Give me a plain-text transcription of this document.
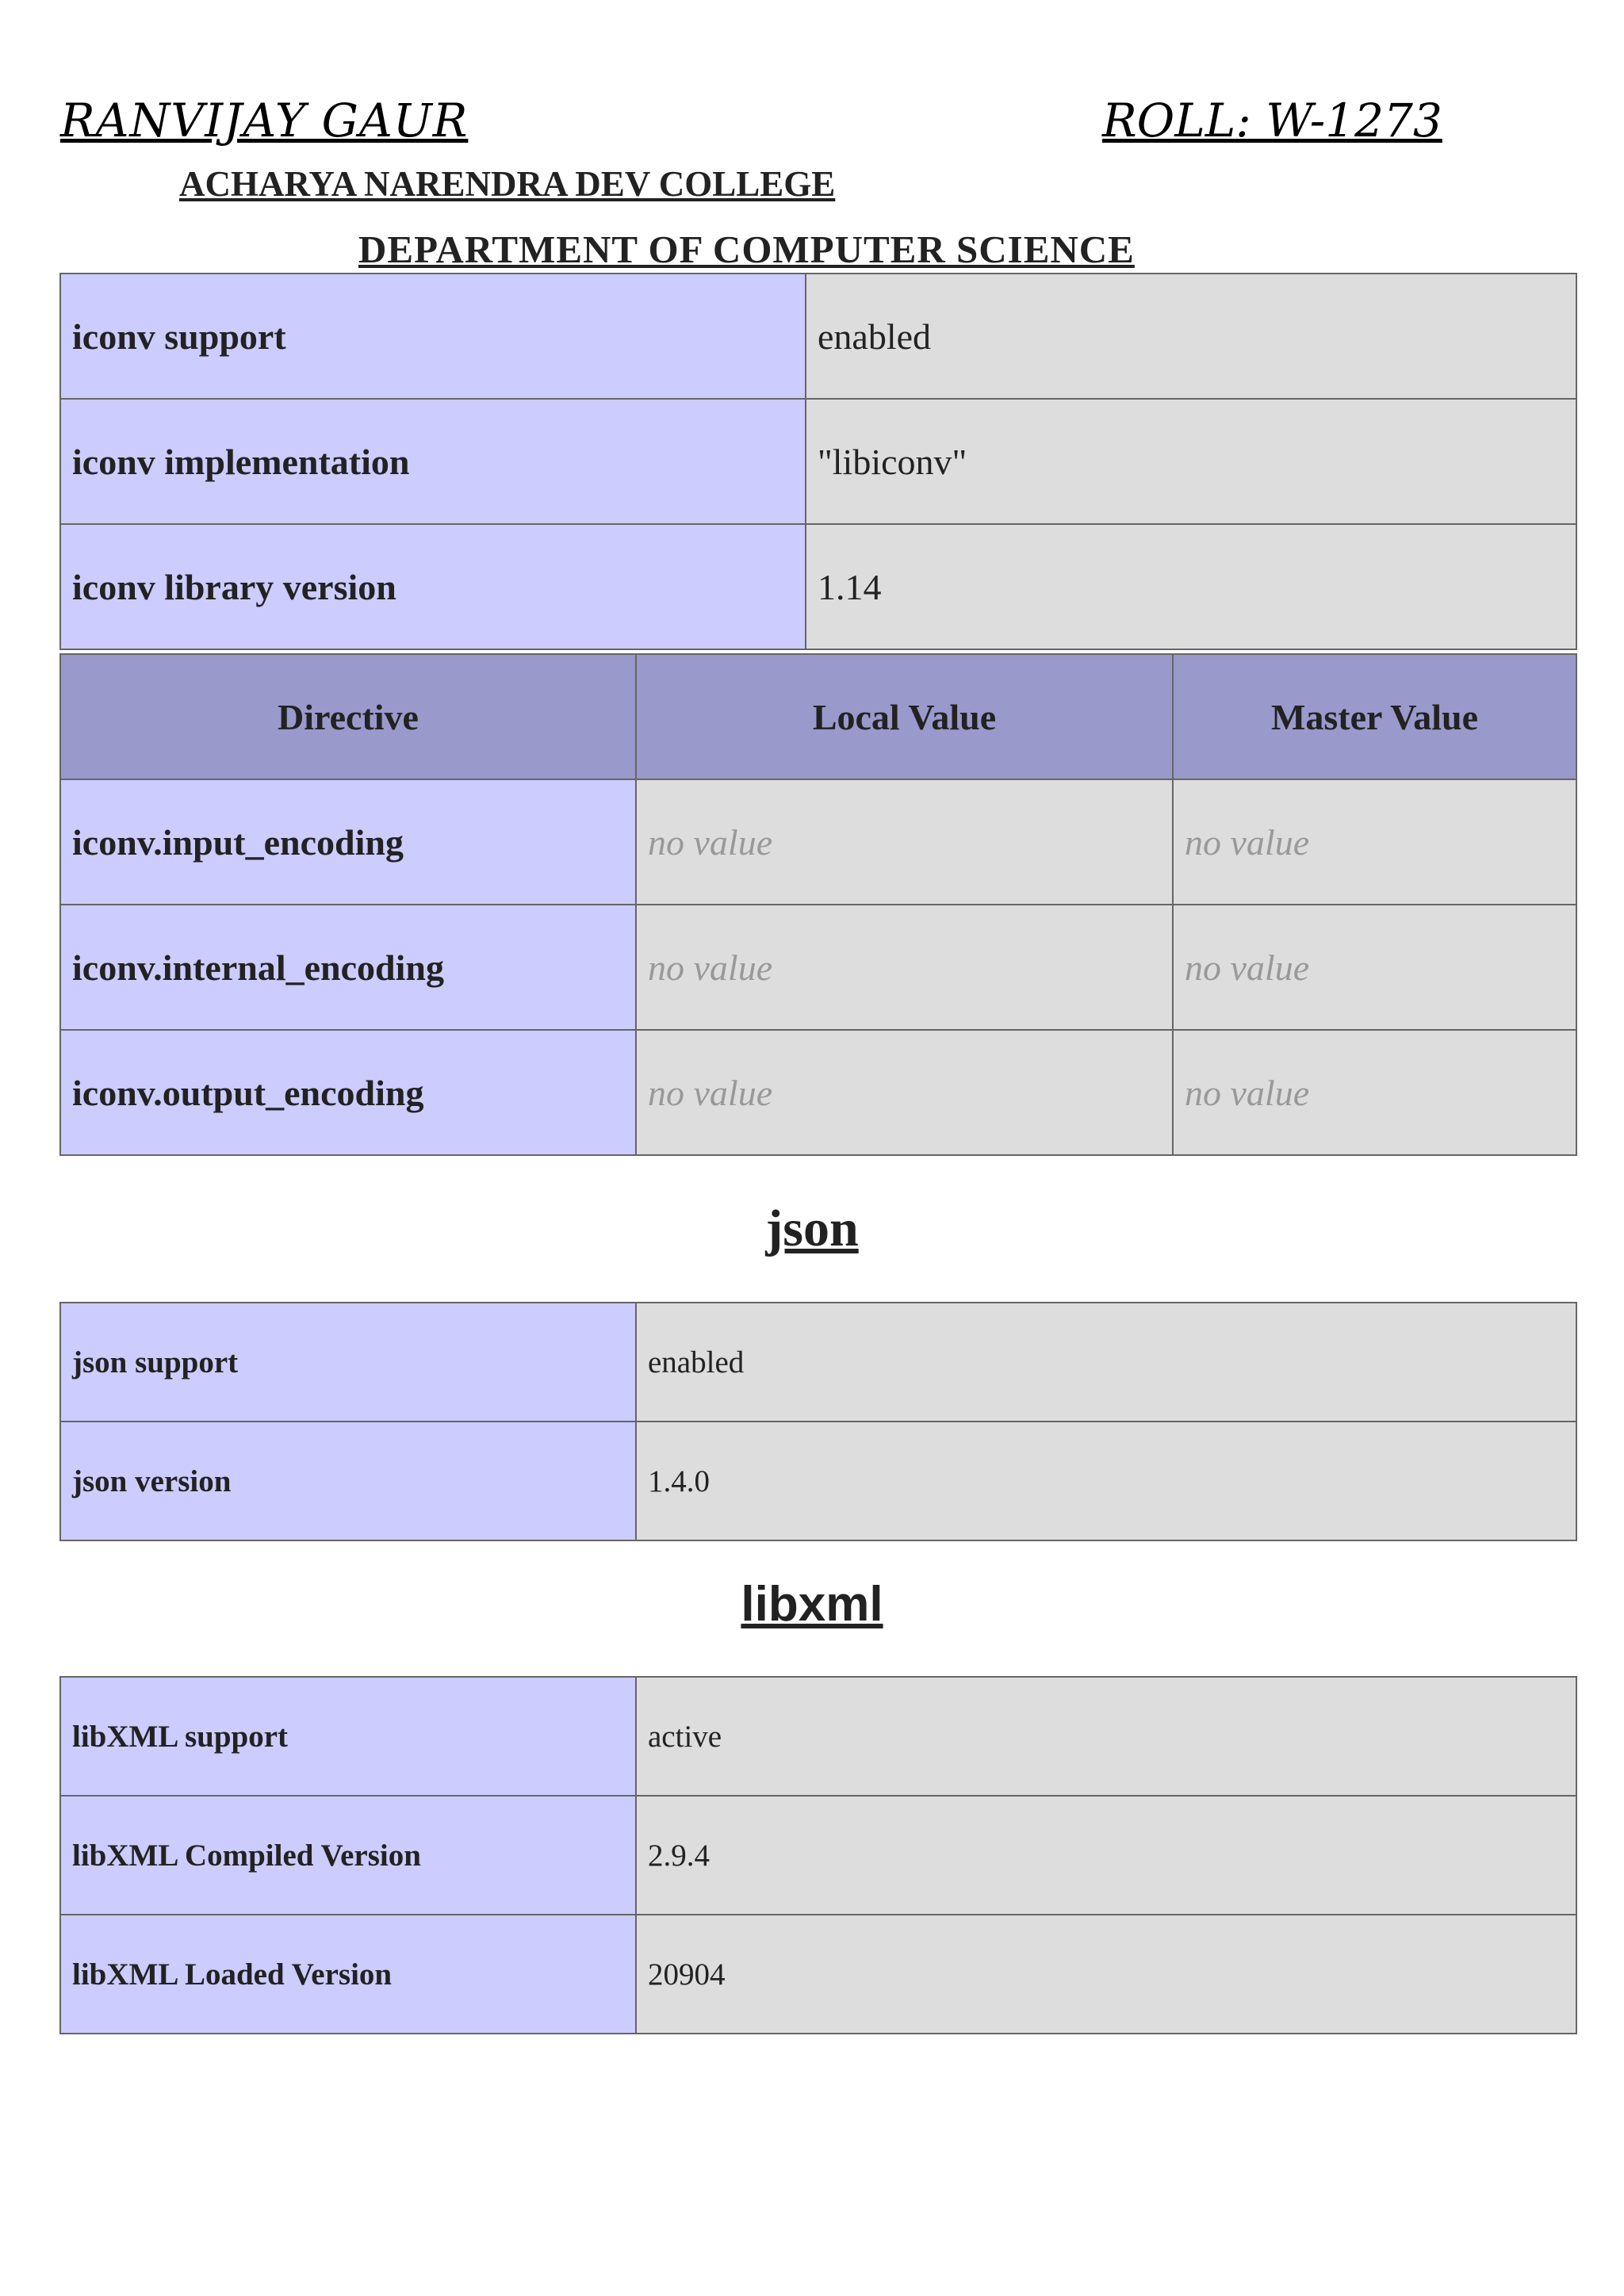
RANVIJAY GAUR	ROLL: W-1273
ACHARYA NARENDRA DEV COLLEGE
DEPARTMENT OF COMPUTER SCIENCE
iconv support	enabled
iconv implementation	"libiconv"
iconv library version	1.14
Directive	Local Value	Master Value
iconv.input_encoding	no value	no value
iconv.internal_encoding	no value	no value
iconv.output_encoding	no value	no value
json
json support	enabled
json version	1.4.0
libxml
libXML support	active
libXML Compiled Version	2.9.4
libXML Loaded Version	20904
